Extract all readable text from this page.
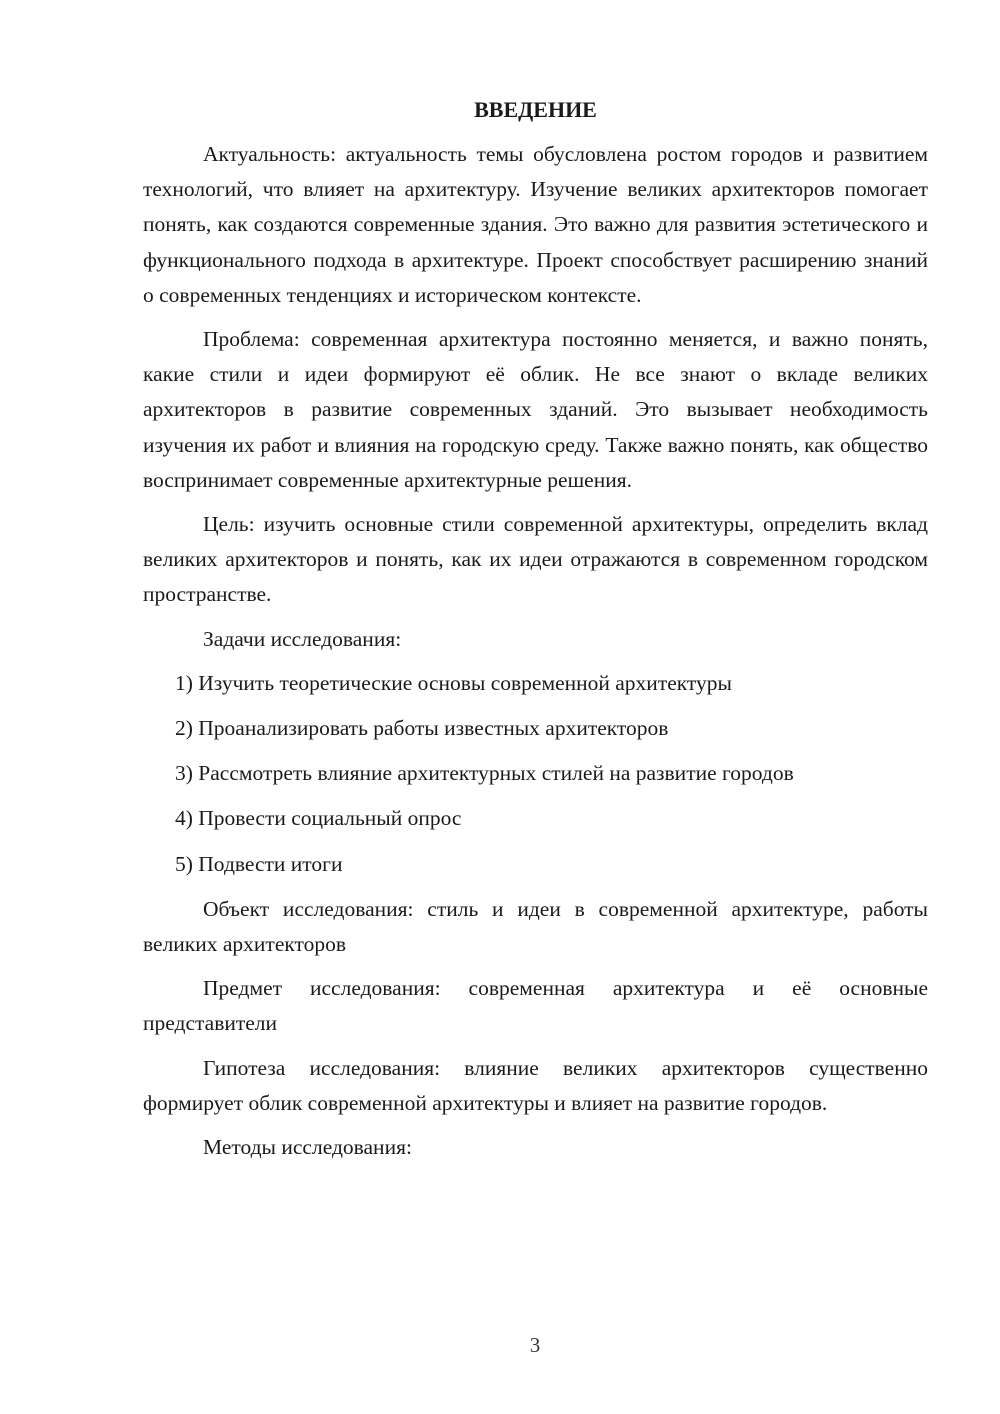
ВВЕДЕНИЕ

Актуальность: актуальность темы обусловлена ростом городов и развитием технологий, что влияет на архитектуру. Изучение великих архитекторов помогает понять, как создаются современные здания. Это важно для развития эстетического и функционального подхода в архитектуре. Проект способствует расширению знаний о современных тенденциях и историческом контексте.

Проблема: современная архитектура постоянно меняется, и важно понять, какие стили и идеи формируют её облик. Не все знают о вкладе великих архитекторов в развитие современных зданий. Это вызывает необходимость изучения их работ и влияния на городскую среду. Также важно понять, как общество воспринимает современные архитектурные решения.

Цель: изучить основные стили современной архитектуры, определить вклад великих архитекторов и понять, как их идеи отражаются в современном городском пространстве.

Задачи исследования:

1) Изучить теоретические основы современной архитектуры
2) Проанализировать работы известных архитекторов
3) Рассмотреть влияние архитектурных стилей на развитие городов
4) Провести социальный опрос
5) Подвести итоги

Объект исследования: стиль и идеи в современной архитектуре, работы великих архитекторов

Предмет исследования: современная архитектура и её основные представители

Гипотеза исследования: влияние великих архитекторов существенно формирует облик современной архитектуры и влияет на развитие городов.

Методы исследования:

3
